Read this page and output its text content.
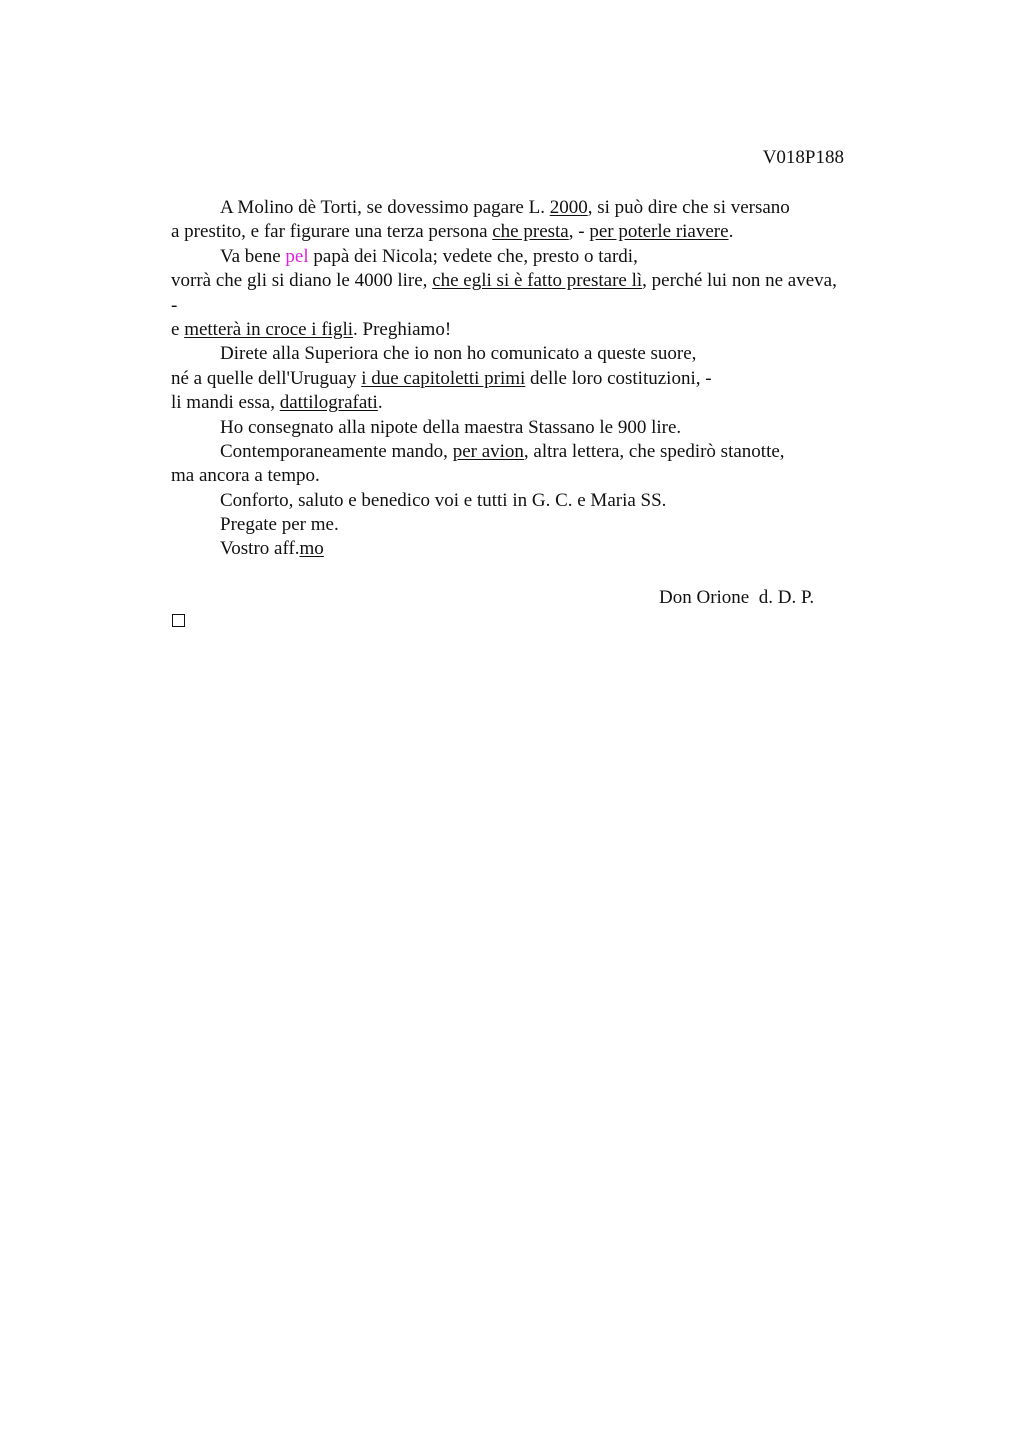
V018P188
A Molino dè Torti, se dovessimo pagare L. 2000, si può dire che si versano
a prestito, e far figurare una terza persona che presta, - per poterle riavere.
Va bene pel papà dei Nicola; vedete che, presto o tardi,
vorrà che gli si diano le 4000 lire, che egli si è fatto prestare lì, perché lui non ne aveva,
-
e metterà in croce i figli. Preghiamo!
Direte alla Superiora che io non ho comunicato a queste suore,
né a quelle dell'Uruguay i due capitoletti primi delle loro costituzioni, -
li mandi essa, dattilografati.
Ho consegnato alla nipote della maestra Stassano le 900 lire.
Contemporaneamente mando, per avion, altra lettera, che spedirò stanotte,
ma ancora a tempo.
Conforto, saluto e benedico voi e tutti in G. C. e Maria SS.
Pregate per me.
Vostro aff.mo
Don Orione  d. D. P.
